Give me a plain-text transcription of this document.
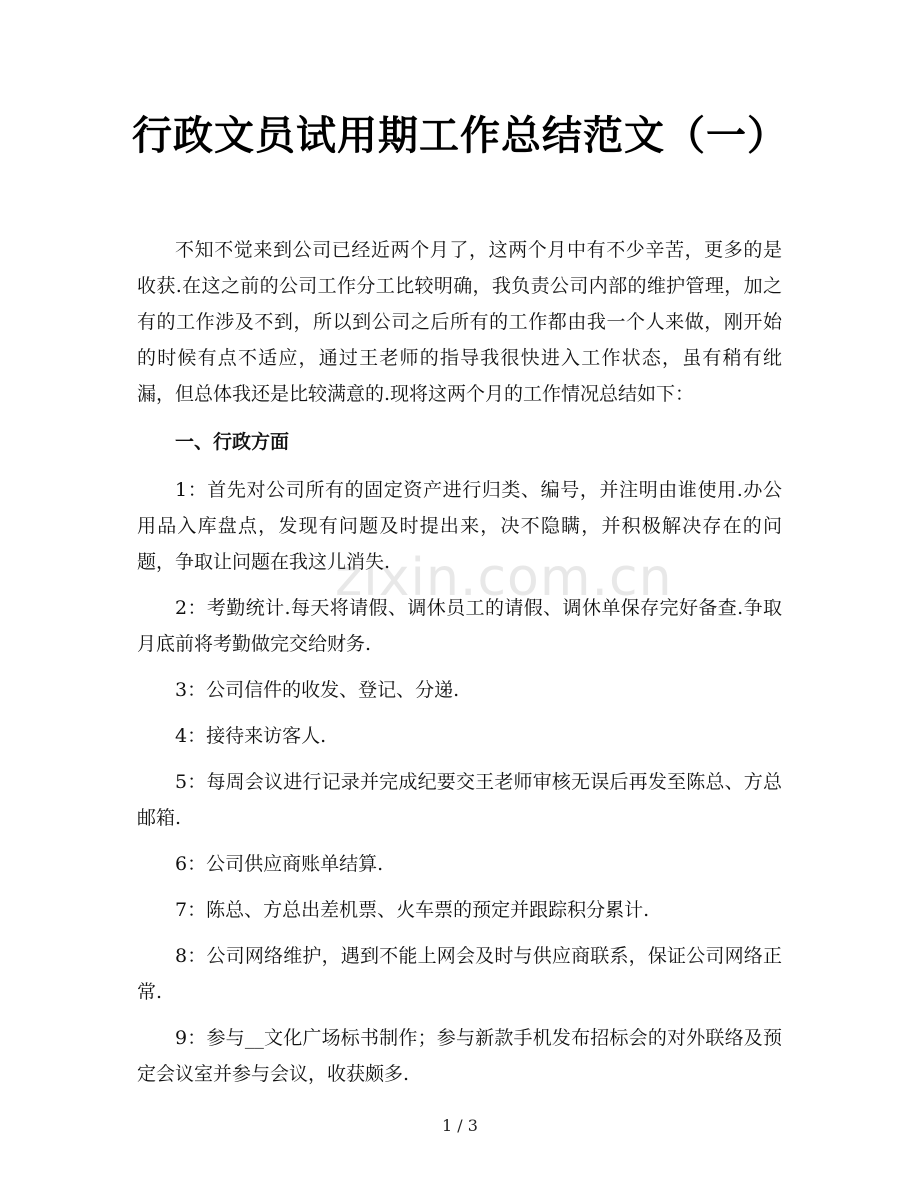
行政文员试用期工作总结范文（一）

不知不觉来到公司已经近两个月了，这两个月中有不少辛苦，更多的是收获.在这之前的公司工作分工比较明确，我负责公司内部的维护管理，加之有的工作涉及不到，所以到公司之后所有的工作都由我一个人来做，刚开始的时候有点不适应，通过王老师的指导我很快进入工作状态，虽有稍有纰漏，但总体我还是比较满意的.现将这两个月的工作情况总结如下：

一、行政方面

1：首先对公司所有的固定资产进行归类、编号，并注明由谁使用.办公用品入库盘点，发现有问题及时提出来，决不隐瞒，并积极解决存在的问题，争取让问题在我这儿消失.

2：考勤统计.每天将请假、调休员工的请假、调休单保存完好备查.争取月底前将考勤做完交给财务.

3：公司信件的收发、登记、分递.

4：接待来访客人.

5：每周会议进行记录并完成纪要交王老师审核无误后再发至陈总、方总邮箱.

6：公司供应商账单结算.

7：陈总、方总出差机票、火车票的预定并跟踪积分累计.

8：公司网络维护，遇到不能上网会及时与供应商联系，保证公司网络正常.

9：参与__文化广场标书制作；参与新款手机发布招标会的对外联络及预定会议室并参与会议，收获颇多.

zixin.com.cn
1 / 3
